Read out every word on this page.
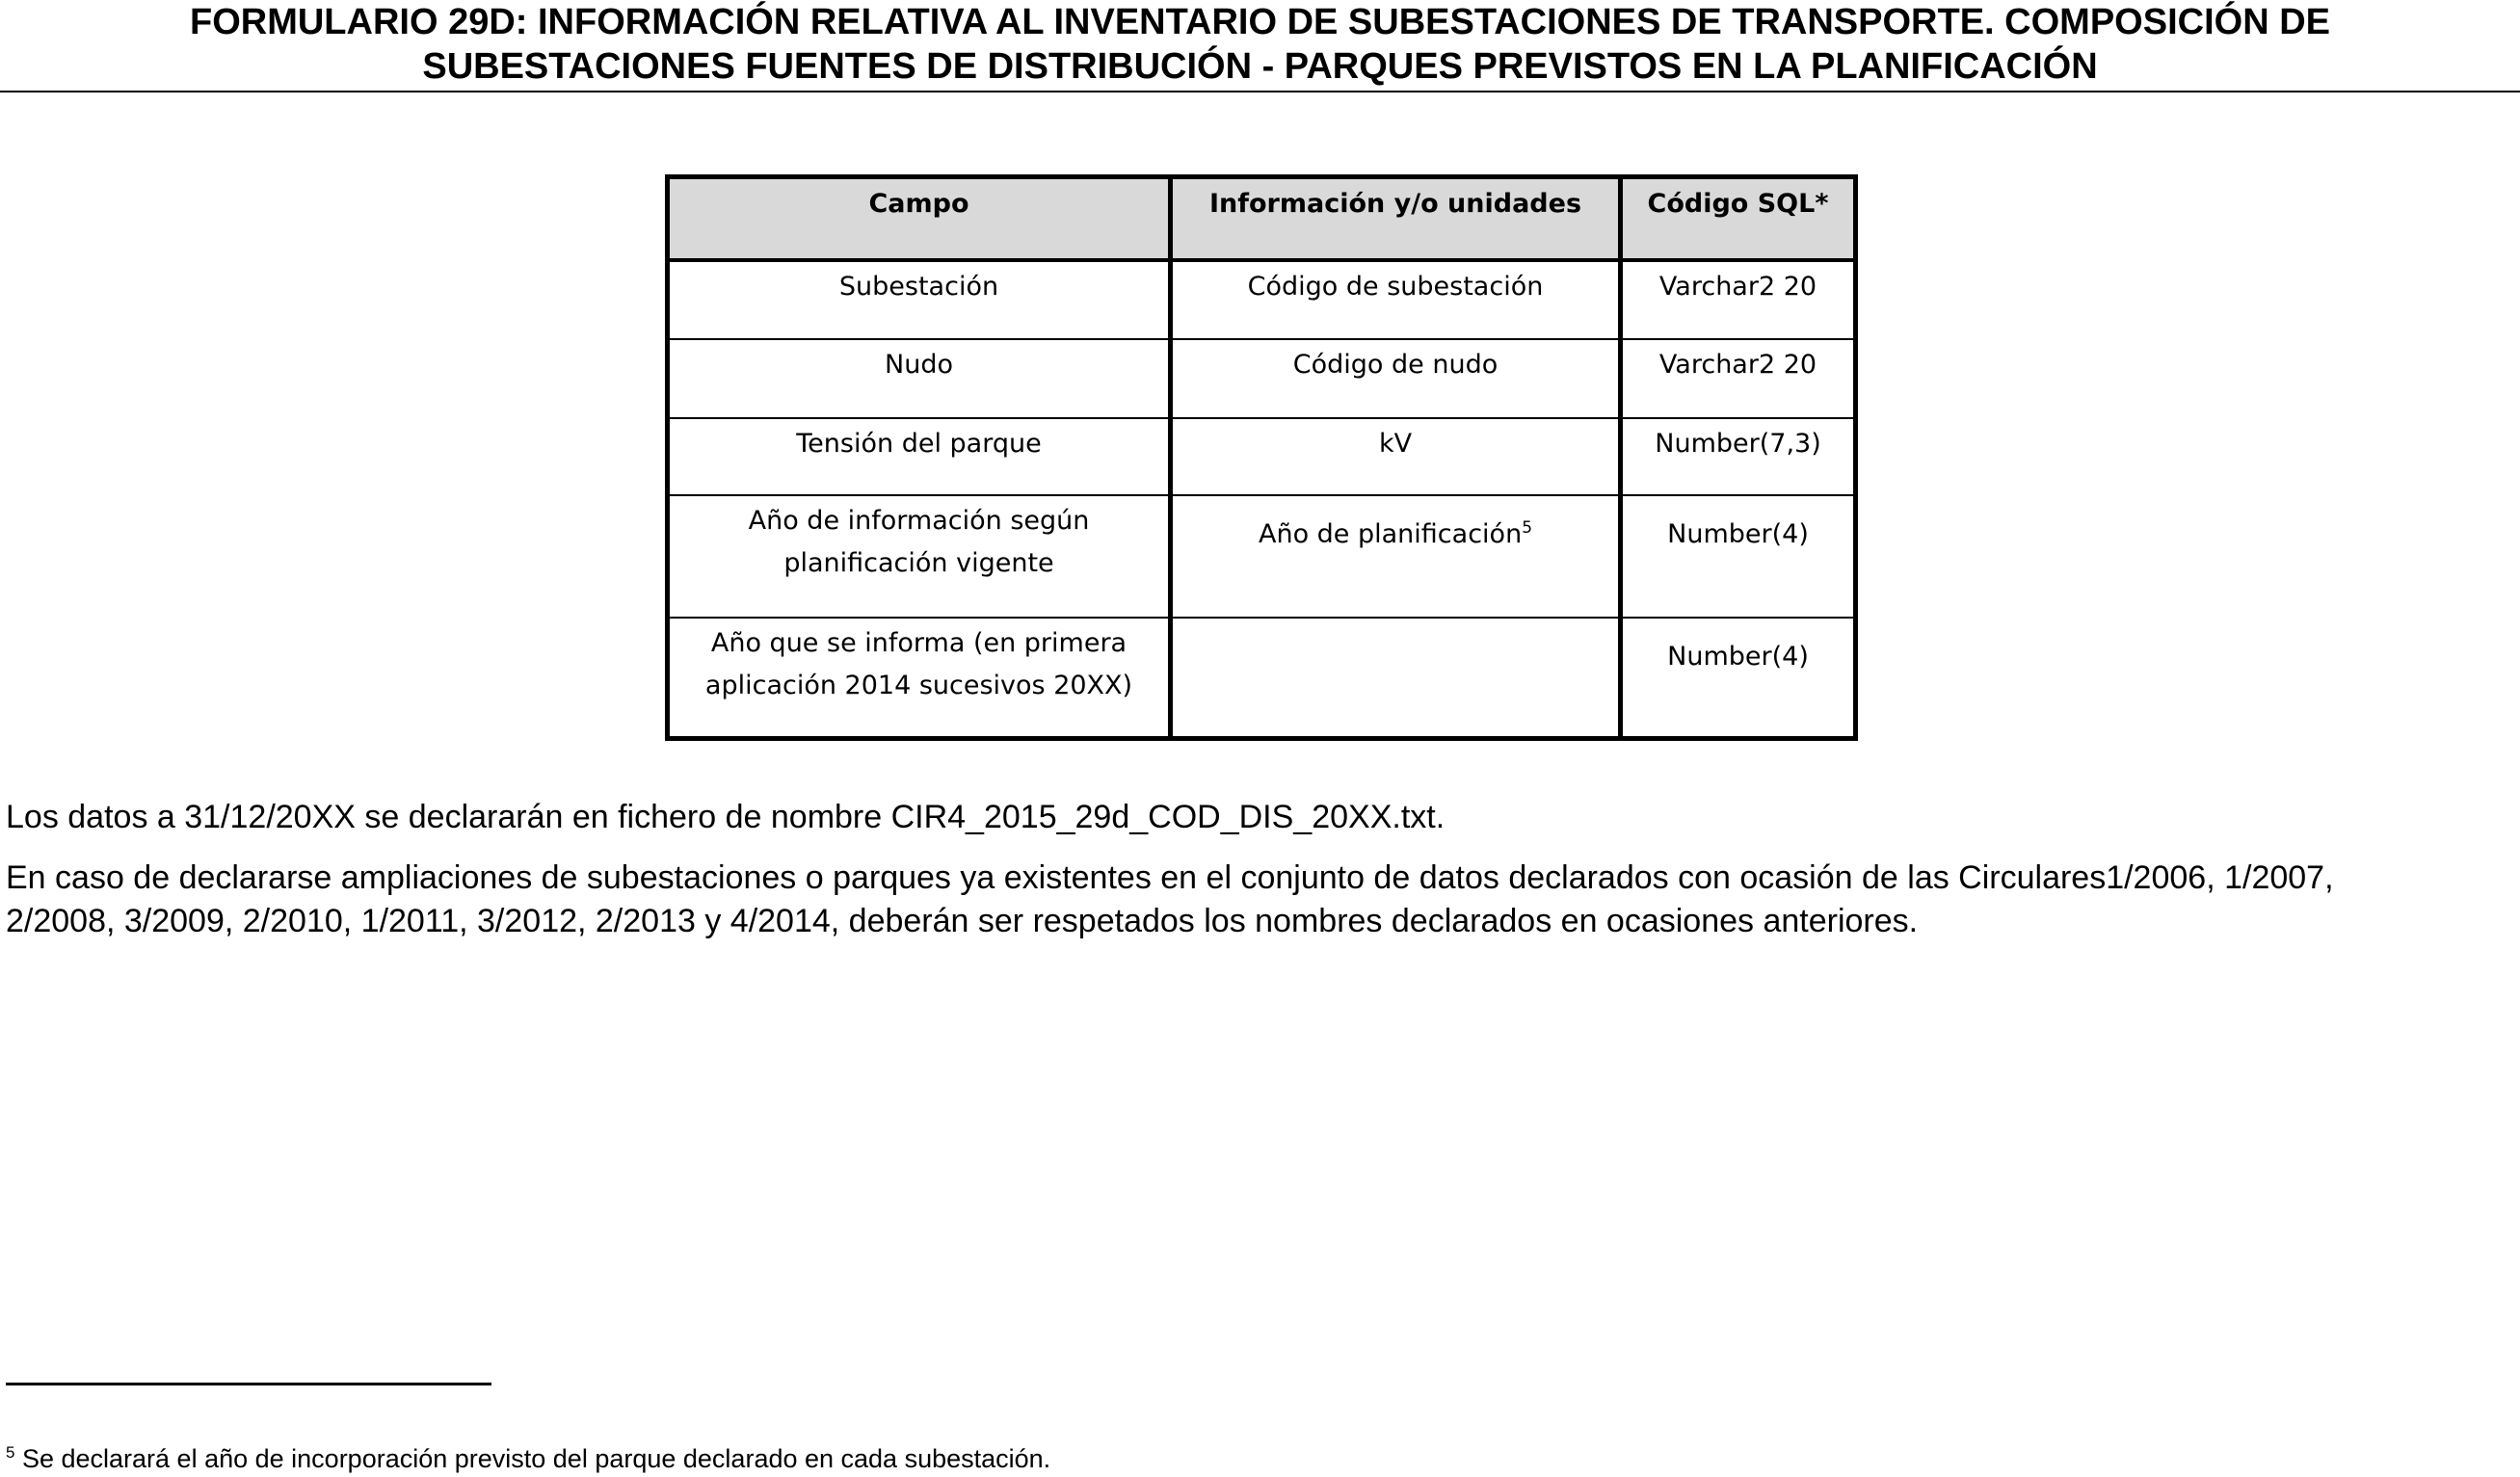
FORMULARIO 29D: INFORMACIÓN RELATIVA AL INVENTARIO DE SUBESTACIONES DE TRANSPORTE. COMPOSICIÓN DE
SUBESTACIONES FUENTES DE DISTRIBUCIÓN - PARQUES PREVISTOS EN LA PLANIFICACIÓN
Campo	Información y/o unidades	Código SQL*
Subestación	Código de subestación	Varchar2 20
Nudo	Código de nudo	Varchar2 20
Tensión del parque	kV	Number(7,3)
Año de información según
planificación vigente	Año de planificación$^5$	Number(4)
Año que se informa (en primera
aplicación 2014 sucesivos 20XX)		Number(4)

Los datos a 31/12/20XX se declararán en fichero de nombre CIR4_2015_29d_COD_DIS_20XX.txt.

En caso de declararse ampliaciones de subestaciones o parques ya existentes en el conjunto de datos declarados con ocasión de las Circulares1/2006, 1/2007,
2/2008, 3/2009, 2/2010, 1/2011, 3/2012, 2/2013 y 4/2014, deberán ser respetados los nombres declarados en ocasiones anteriores.

$^5$ Se declarará el año de incorporación previsto del parque declarado en cada subestación.
